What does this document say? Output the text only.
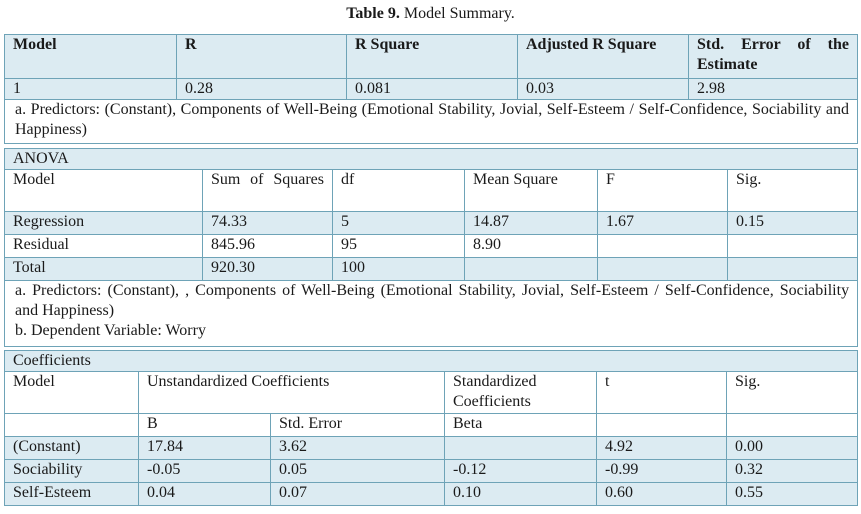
Table 9. Model Summary.
Model	R	R Square	Adjusted R Square	Std. Error of the Estimate
1	0.28	0.081	0.03	2.98
a. Predictors: (Constant), Components of Well-Being (Emotional Stability, Jovial, Self-Esteem / Self-Confidence, Sociability and Happiness)				
ANOVA					
Model	Sum of Squares	df	Mean Square	F	Sig.
Regression	74.33	5	14.87	1.67	0.15
Residual	845.96	95	8.90		
Total	920.30	100			

a. Predictors: (Constant), , Components of Well-Being (Emotional Stability, Jovial, Self-Esteem / Self-Confidence, Sociability and Happiness)
b. Dependent Variable: Worry					
Coefficients					
Model	Unstandardized Coefficients		Standardized Coefficients	t	Sig.
	B	Std. Error	Beta		
(Constant)	17.84	3.62		4.92	0.00
Sociability	-0.05	0.05	-0.12	-0.99	0.32
Self-Esteem	0.04	0.07	0.10	0.60	0.55
